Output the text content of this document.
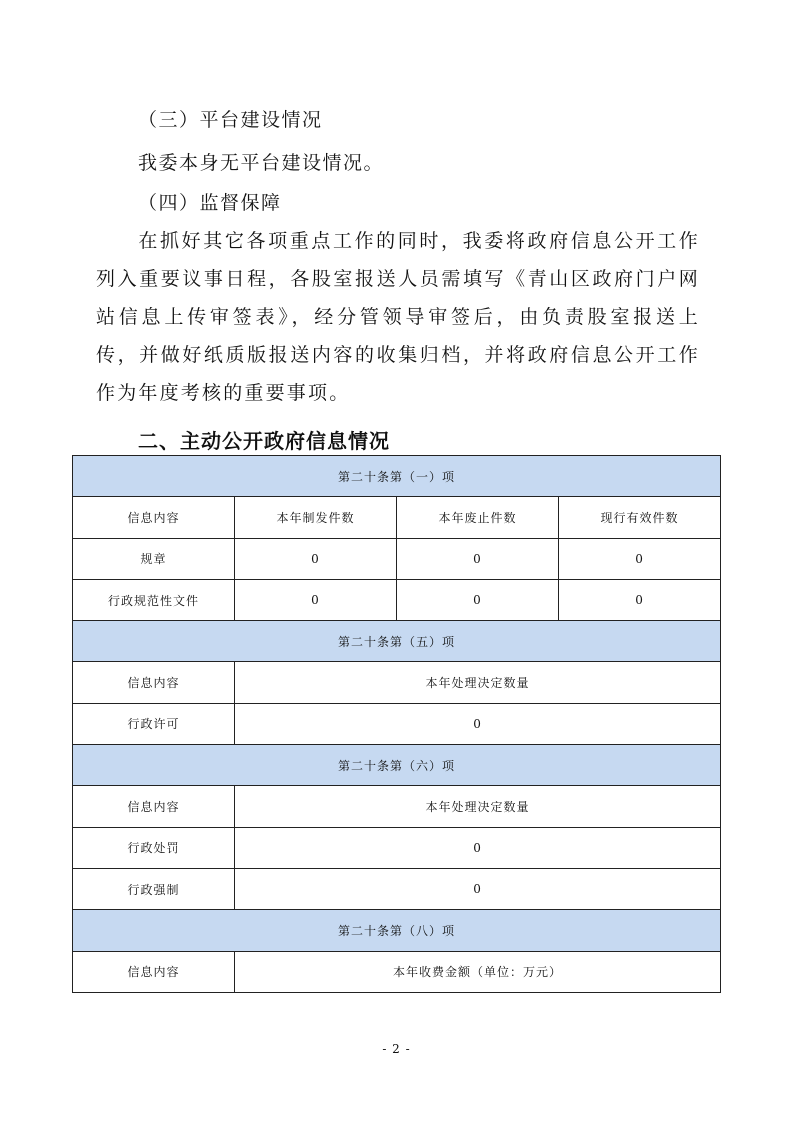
（三）平台建设情况
我委本身无平台建设情况。
（四）监督保障
在抓好其它各项重点工作的同时，我委将政府信息公开工作列入重要议事日程，各股室报送人员需填写《青山区政府门户网站信息上传审签表》，经分管领导审签后，由负责股室报送上传，并做好纸质版报送内容的收集归档，并将政府信息公开工作作为年度考核的重要事项。
二、主动公开政府信息情况
第二十条第（一）项			
信息内容	本年制发件数	本年废止件数	现行有效件数
规章	0	0	0
行政规范性文件	0	0	0
第二十条第（五）项			
信息内容	本年处理决定数量		
行政许可	0		
第二十条第（六）项			
信息内容	本年处理决定数量		
行政处罚	0		
行政强制	0		
第二十条第（八）项			
信息内容	本年收费金额（单位：万元）		
- 2 -
